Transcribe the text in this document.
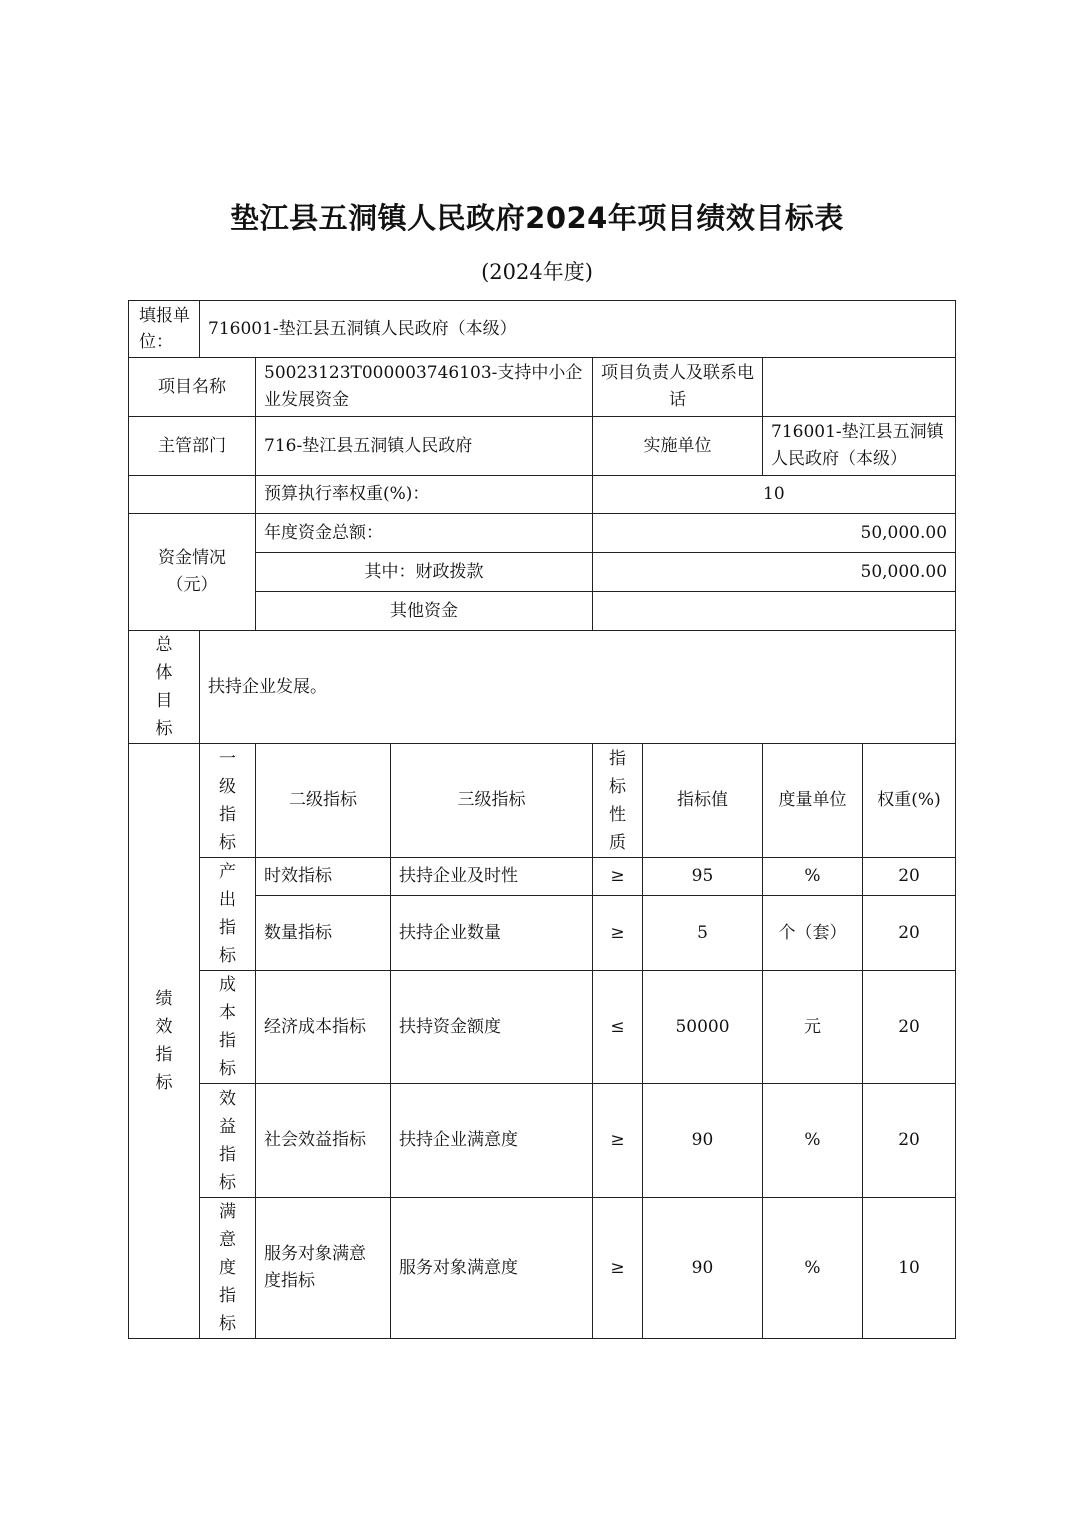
垫江县五洞镇人民政府2024年项目绩效目标表
(2024年度)
填报单位：	716001-垫江县五洞镇人民政府（本级）						
项目名称		50023123T000003746103-支持中小企业发展资金		项目负责人及联系电话			
主管部门		716-垫江县五洞镇人民政府		实施单位		716001-垫江县五洞镇人民政府（本级）	
		预算执行率权重(%)：		10			
资金情况（元）		年度资金总额：		50,000.00			
		其中：财政拨款		50,000.00			
		其他资金					
总体目标	扶持企业发展。						
绩效指标	一级指标	二级指标	三级指标	指标性质	指标值	度量单位	权重(%)
	产出指标	时效指标	扶持企业及时性	≥	95	%	20
		数量指标	扶持企业数量	≥	5	个（套）	20
	成本指标	经济成本指标	扶持资金额度	≤	50000	元	20
	效益指标	社会效益指标	扶持企业满意度	≥	90	%	20
	满意度指标	服务对象满意度指标	服务对象满意度	≥	90	%	10
